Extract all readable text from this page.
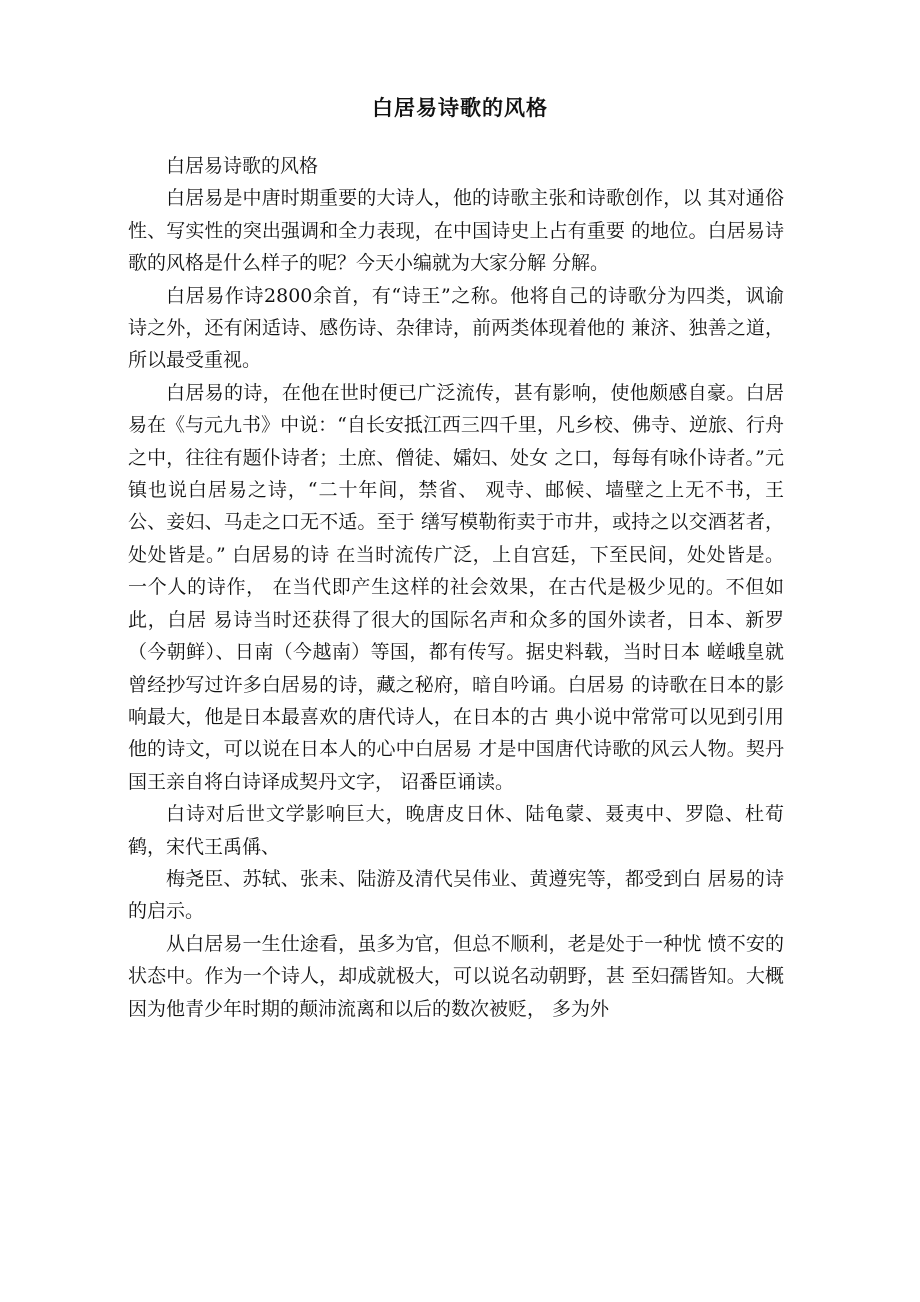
白居易诗歌的风格

白居易诗歌的风格

白居易是中唐时期重要的大诗人，他的诗歌主张和诗歌创作，以 其对通俗性、写实性的突出强调和全力表现，在中国诗史上占有重要 的地位。白居易诗歌的风格是什么样子的呢？今天小编就为大家分解 分解。

白居易作诗2800余首，有“诗王”之称。他将自己的诗歌分为四类，讽谕诗之外，还有闲适诗、感伤诗、杂律诗，前两类体现着他的 兼济、独善之道，所以最受重视。

白居易的诗，在他在世时便已广泛流传，甚有影响，使他颇感自豪。白居易在《与元九书》中说：“自长安抵江西三四千里，凡乡校、佛寺、逆旅、行舟之中，往往有题仆诗者；土庶、僧徒、孀妇、处女 之口，每每有咏仆诗者。”元镇也说白居易之诗，“二十年间，禁省、 观寺、邮候、墙壁之上无不书，王公、妾妇、马走之口无不适。至于 缮写模勒衔卖于市井，或持之以交酒茗者，处处皆是。” 白居易的诗 在当时流传广泛，上自宫廷，下至民间，处处皆是。一个人的诗作， 在当代即产生这样的社会效果，在古代是极少见的。不但如此，白居 易诗当时还获得了很大的国际名声和众多的国外读者，日本、新罗 （今朝鲜）、日南（今越南）等国，都有传写。据史料载，当时日本 嵯峨皇就曾经抄写过许多白居易的诗，藏之秘府，暗自吟诵。白居易 的诗歌在日本的影响最大，他是日本最喜欢的唐代诗人，在日本的古 典小说中常常可以见到引用他的诗文，可以说在日本人的心中白居易 才是中国唐代诗歌的风云人物。契丹国王亲自将白诗译成契丹文字， 诏番臣诵读。

白诗对后世文学影响巨大，晚唐皮日休、陆龟蒙、聂夷中、罗隐、杜荀鹤，宋代王禹偁、

梅尧臣、苏轼、张耒、陆游及清代吴伟业、黄遵宪等，都受到白 居易的诗的启示。

从白居易一生仕途看，虽多为官，但总不顺利，老是处于一种忧 愤不安的状态中。作为一个诗人，却成就极大，可以说名动朝野，甚 至妇孺皆知。大概因为他青少年时期的颠沛流离和以后的数次被贬， 多为外
